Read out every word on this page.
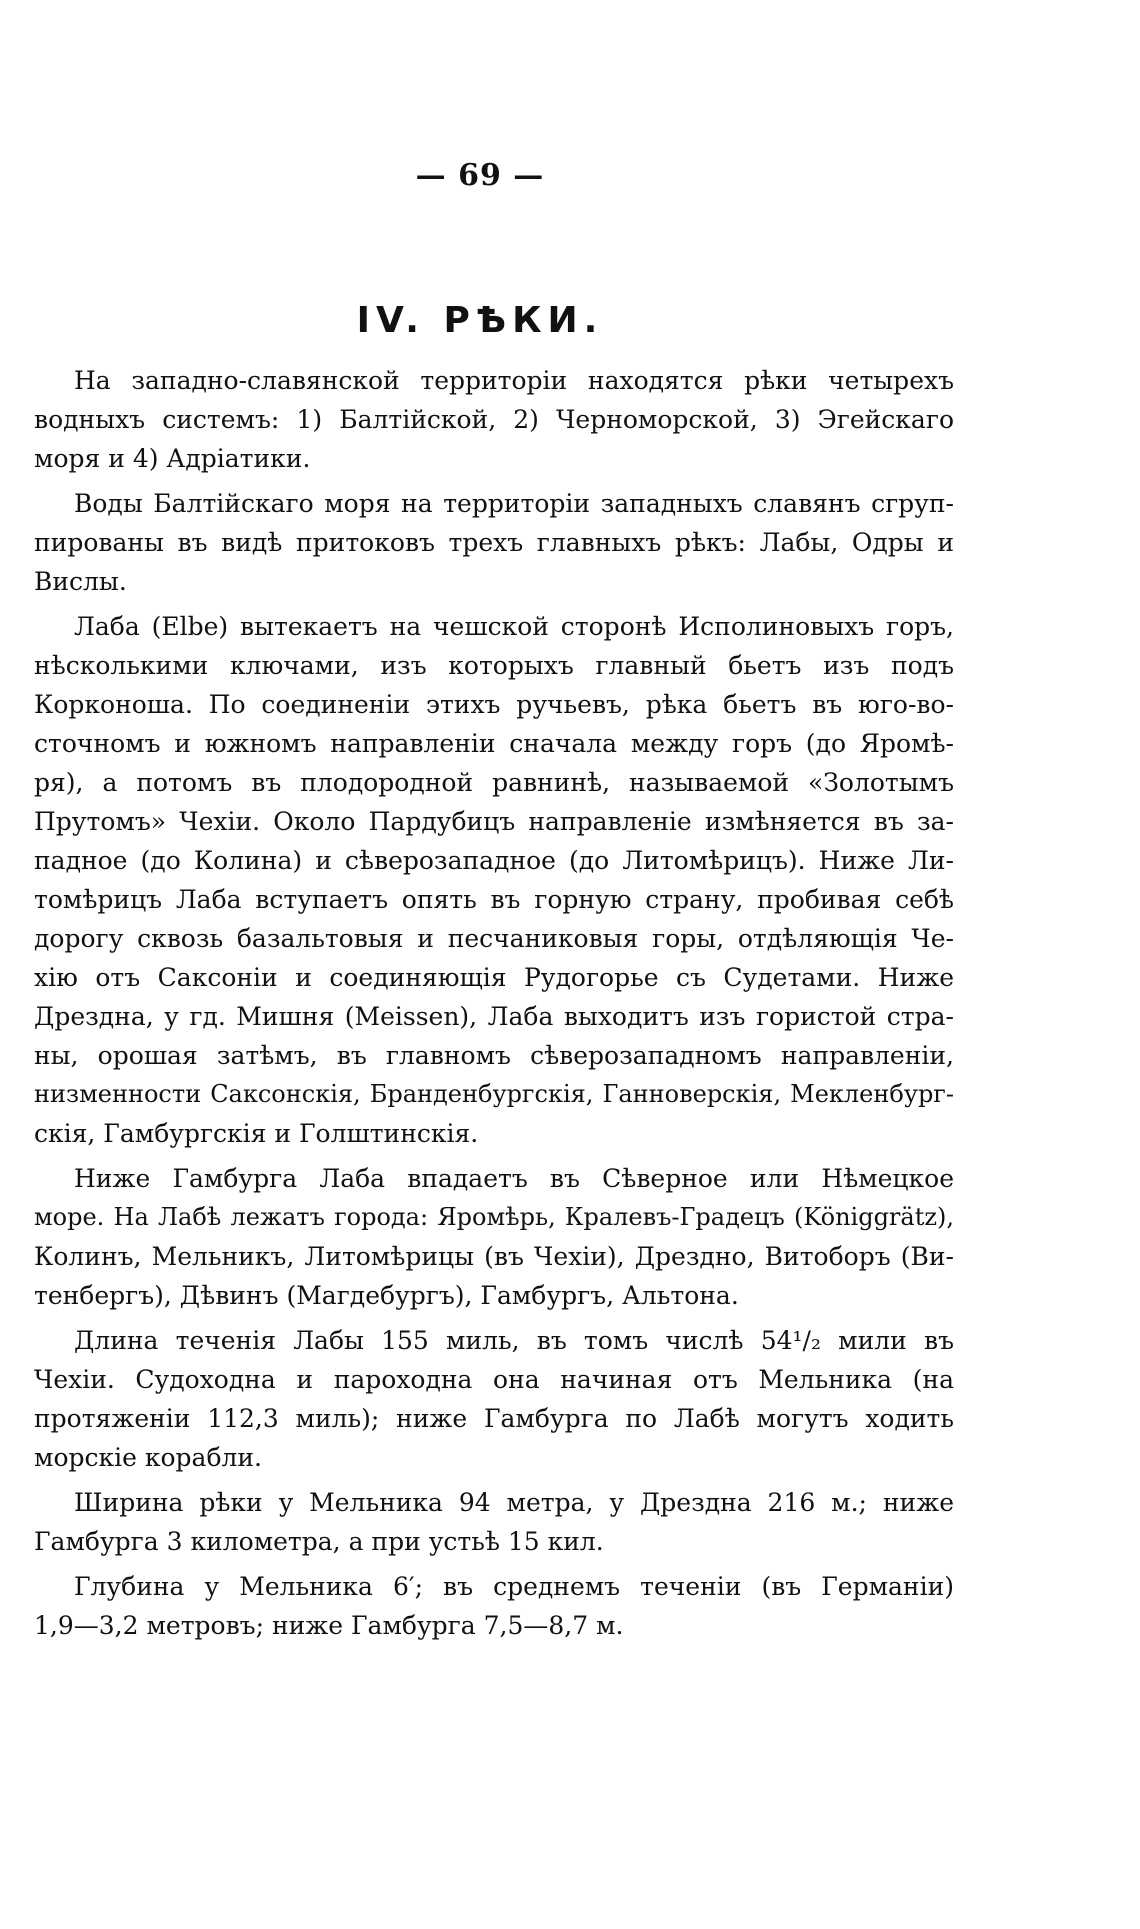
— 69 —
IV. РѢКИ.
На западно-славянской территоріи находятся рѣки четырехъ
водныхъ системъ: 1) Балтійской, 2) Черноморской, 3) Эгейскаго
моря и 4) Адріатики.
Воды Балтійскаго моря на территоріи западныхъ славянъ сгруп-
пированы въ видѣ притоковъ трехъ главныхъ рѣкъ: Лабы, Одры и
Вислы.
Лаба (Elbe) вытекаетъ на чешской сторонѣ Исполиновыхъ горъ,
нѣсколькими ключами, изъ которыхъ главный бьетъ изъ подъ
Корконоша. По соединеніи этихъ ручьевъ, рѣка бьетъ въ юго-во-
сточномъ и южномъ направленіи сначала между горъ (до Яромѣ-
ря), а потомъ въ плодородной равнинѣ, называемой «Золотымъ
Прутомъ» Чехіи. Около Пардубицъ направленіе измѣняется въ за-
падное (до Колина) и сѣверозападное (до Литомѣрицъ). Ниже Ли-
томѣрицъ Лаба вступаетъ опять въ горную страну, пробивая себѣ
дорогу сквозь базальтовыя и песчаниковыя горы, отдѣляющія Че-
хію отъ Саксоніи и соединяющія Рудогорье съ Судетами. Ниже
Дрездна, у гд. Мишня (Meissen), Лаба выходитъ изъ гористой стра-
ны, орошая затѣмъ, въ главномъ сѣверозападномъ направленіи,
низменности Саксонскія, Бранденбургскія, Ганноверскія, Мекленбург-
скія, Гамбургскія и Голштинскія.
Ниже Гамбурга Лаба впадаетъ въ Сѣверное или Нѣмецкое
море. На Лабѣ лежатъ города: Яромѣрь, Кралевъ-Градецъ (Königgrätz),
Колинъ, Мельникъ, Литомѣрицы (въ Чехіи), Дрездно, Витоборъ (Ви-
тенбергъ), Дѣвинъ (Магдебургъ), Гамбургъ, Альтона.
Длина теченія Лабы 155 миль, въ томъ числѣ 54¹/₂ мили въ
Чехіи. Судоходна и пароходна она начиная отъ Мельника (на
протяженіи 112,3 миль); ниже Гамбурга по Лабѣ могутъ ходить
морскіе корабли.
Ширина рѣки у Мельника 94 метра, у Дрездна 216 м.; ниже
Гамбурга 3 километра, а при устьѣ 15 кил.
Глубина у Мельника 6′; въ среднемъ теченіи (въ Германіи)
1,9—3,2 метровъ; ниже Гамбурга 7,5—8,7 м.
